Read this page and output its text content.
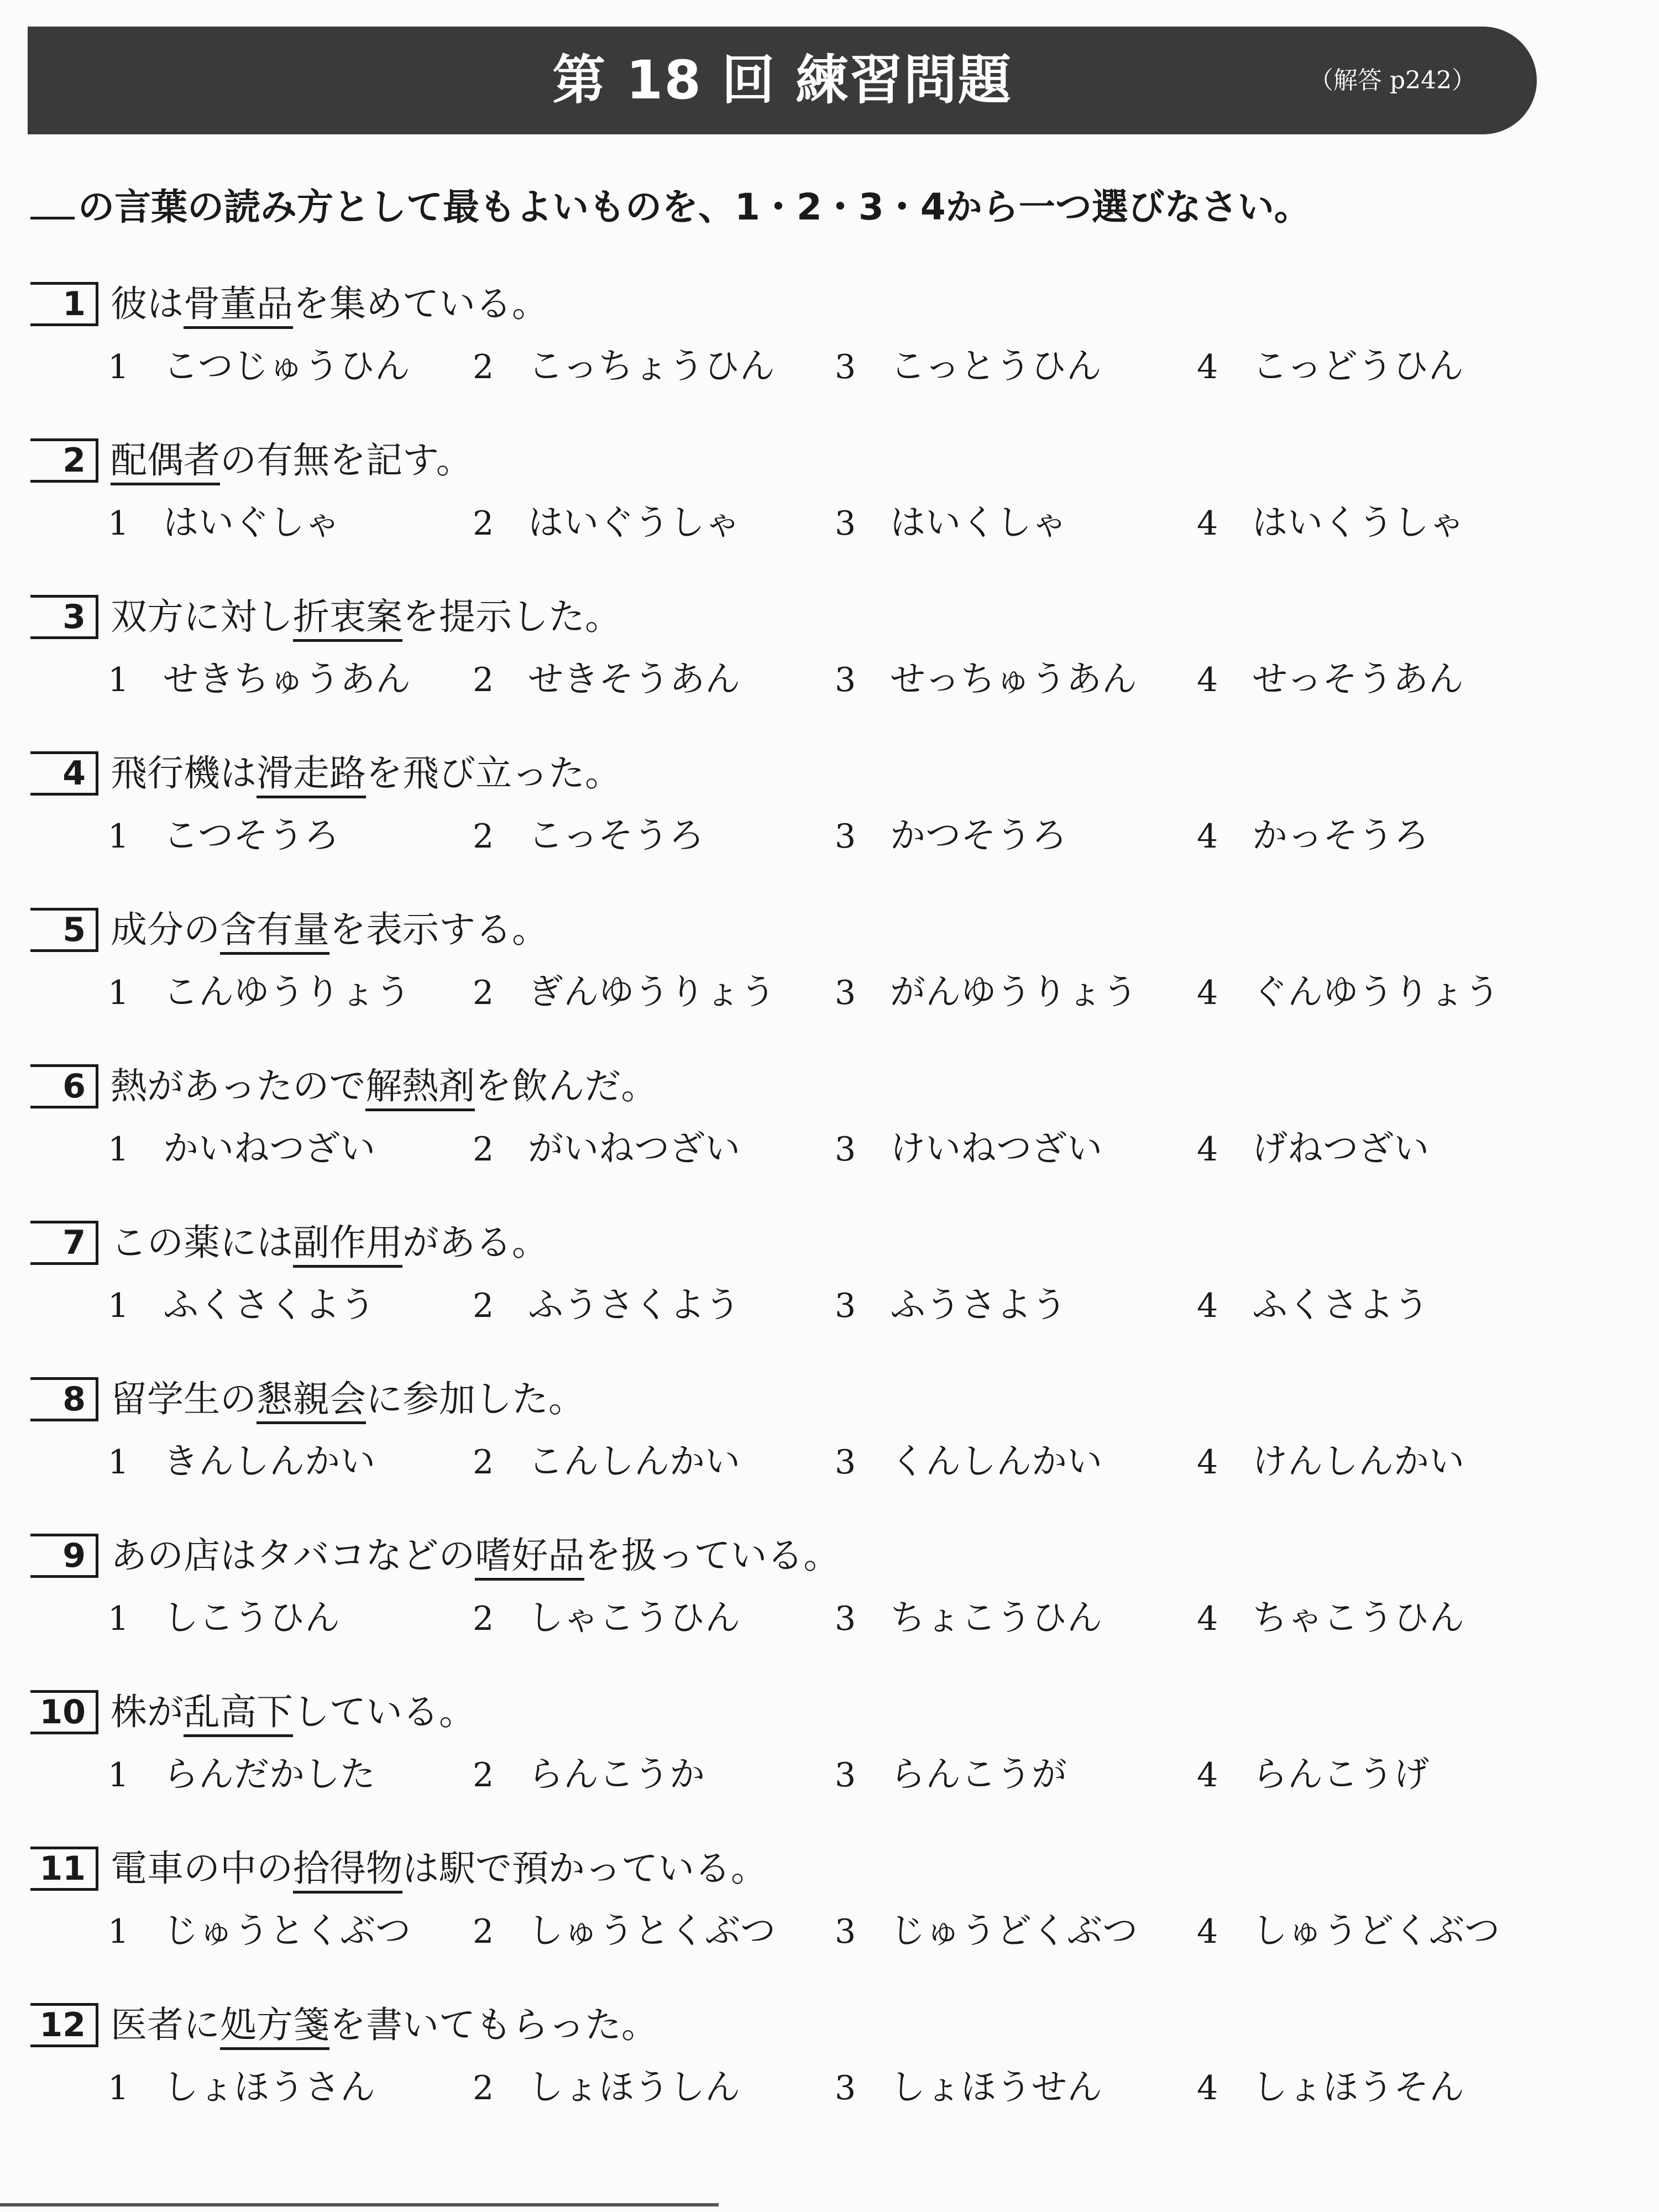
第 18 回 練習問題	（解答 p242）
の言葉の読み方として最もよいものを、1・2・3・4から一つ選びなさい。
1 彼は骨董品を集めている。
1 こつじゅうひん 2 こっちょうひん 3 こっとうひん	4 こっどうひん
2 配偶者の有無を記す。
1 はいぐしゃ	2 はいぐうしゃ	3 はいくしゃ	4 はいくうしゃ
3 双方に対し折衷案を提示した。
1 せきちゅうあん 2 せきそうあん	3 せっちゅうあん 4 せっそうあん
4 飛行機は滑走路を飛び立った。
1 こつそうろ	2 こっそうろ	3 かつそうろ	4 かっそうろ
5 成分の含有量を表示する。
1 こんゆうりょう 2 ぎんゆうりょう 3 がんゆうりょう 4 ぐんゆうりょう
6 熱があったので解熱剤を飲んだ。
1 かいねつざい	2 がいねつざい	3 けいねつざい	4 げねつざい
7 この薬には副作用がある。
1 ふくさくよう	2 ふうさくよう	3 ふうさよう	4 ふくさよう
8 留学生の懇親会に参加した。
1 きんしんかい	2 こんしんかい	3 くんしんかい	4 けんしんかい
9 あの店はタバコなどの嗜好品を扱っている。
1 しこうひん	2 しゃこうひん	3 ちょこうひん	4 ちゃこうひん
10 株が乱高下している。
1 らんだかした	2 らんこうか	3 らんこうが	4 らんこうげ
11 電車の中の拾得物は駅で預かっている。
1 じゅうとくぶつ 2 しゅうとくぶつ 3 じゅうどくぶつ 4 しゅうどくぶつ
12 医者に処方箋を書いてもらった。
1 しょほうさん	2 しょほうしん	3 しょほうせん	4 しょほうそん
